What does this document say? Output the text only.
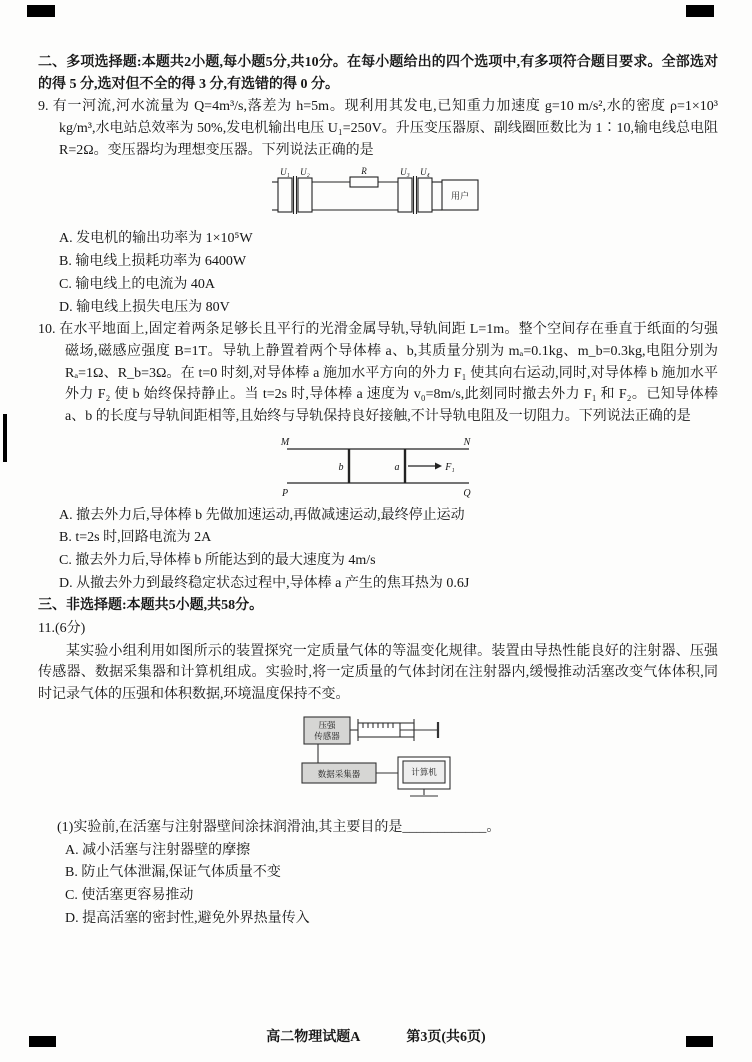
二、多项选择题:本题共2小题,每小题5分,共10分。在每小题给出的四个选项中,有多项符合题目要求。全部选对的得 5 分,选对但不全的得 3 分,有选错的得 0 分。

9. 有一河流,河水流量为 Q=4m³/s,落差为 h=5m。现利用其发电,已知重力加速度 g=10 m/s²,水的密度 ρ=1×10³ kg/m³,水电站总效率为 50%,发电机输出电压 U₁=250V。升压变压器原、副线圈匝数比为 1∶10,输电线总电阻 R=2Ω。变压器均为理想变压器。下列说法正确的是

U₁ U₂	R	U₃ U₄
用户

A. 发电机的输出功率为 1×10⁵W

B. 输电线上损耗功率为 6400W

C. 输电线上的电流为 40A

D. 输电线上损失电压为 80V

10. 在水平地面上,固定着两条足够长且平行的光滑金属导轨,导轨间距 L=1m。整个空间存在垂直于纸面的匀强磁场,磁感应强度 B=1T。导轨上静置着两个导体棒 a、b,其质量分别为 mₐ=0.1kg、m_b=0.3kg,电阻分别为 Rₐ=1Ω、R_b=3Ω。在 t=0 时刻,对导体棒 a 施加水平方向的外力 F₁ 使其向右运动,同时,对导体棒 b 施加水平外力 F₂ 使 b 始终保持静止。当 t=2s 时,导体棒 a 速度为 v₀=8m/s,此刻同时撤去外力 F₁ 和 F₂。已知导体棒 a、b 的长度与导轨间距相等,且始终与导轨保持良好接触,不计导轨电阻及一切阻力。下列说法正确的是

M	N
P	Q
b	a	F₁

A. 撤去外力后,导体棒 b 先做加速运动,再做减速运动,最终停止运动

B. t=2s 时,回路电流为 2A

C. 撤去外力后,导体棒 b 所能达到的最大速度为 4m/s

D. 从撤去外力到最终稳定状态过程中,导体棒 a 产生的焦耳热为 0.6J

三、非选择题:本题共5小题,共58分。

11.(6分)

某实验小组利用如图所示的装置探究一定质量气体的等温变化规律。装置由导热性能良好的注射器、压强传感器、数据采集器和计算机组成。实验时,将一定质量的气体封闭在注射器内,缓慢推动活塞改变气体体积,同时记录气体的压强和体积数据,环境温度保持不变。

压强
传感器
数据采集器	计算机

(1)实验前,在活塞与注射器壁间涂抹润滑油,其主要目的是____________。

A. 减小活塞与注射器壁的摩擦

B. 防止气体泄漏,保证气体质量不变

C. 使活塞更容易推动

D. 提高活塞的密封性,避免外界热量传入

高二物理试题A	第3页(共6页)
